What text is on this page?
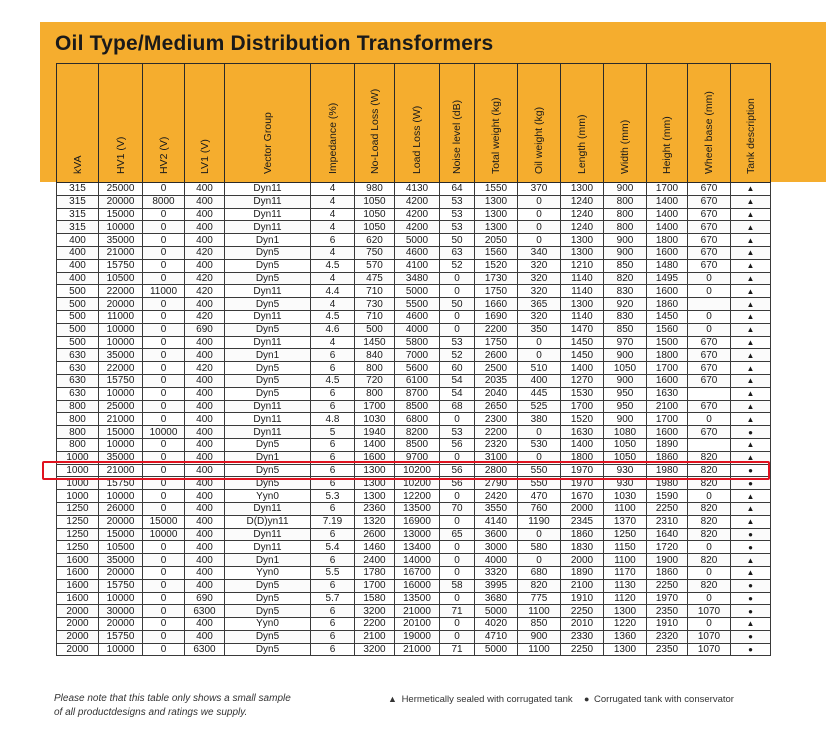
Oil Type/Medium Distribution Transformers
kVA	HV1 (V)	HV2 (V)	LV1 (V)	Vector Group	Impedance (%)	No-Load Loss (W)	Load Loss (W)	Noise level (dB)	Total weight (kg)	Oil weight (kg)	Length (mm)	Width (mm)	Height (mm)	Wheel base (mm)	Tank description

315	25000	0	400	Dyn11	4	980	4130	64	1550	370	1300	900	1700	670	▲
315	20000	8000	400	Dyn11	4	1050	4200	53	1300	0	1240	800	1400	670	▲
315	15000	0	400	Dyn11	4	1050	4200	53	1300	0	1240	800	1400	670	▲
315	10000	0	400	Dyn11	4	1050	4200	53	1300	0	1240	800	1400	670	▲
400	35000	0	400	Dyn1	6	620	5000	50	2050	0	1300	900	1800	670	▲
400	21000	0	420	Dyn5	4	750	4600	63	1560	340	1300	900	1600	670	▲
400	15750	0	400	Dyn5	4.5	570	4100	52	1520	320	1210	850	1480	670	▲
400	10500	0	420	Dyn5	4	475	3480	0	1730	320	1140	820	1495	0	▲
500	22000	11000	420	Dyn11	4.4	710	5000	0	1750	320	1140	830	1600	0	▲
500	20000	0	400	Dyn5	4	730	5500	50	1660	365	1300	920	1860		▲
500	11000	0	420	Dyn11	4.5	710	4600	0	1690	320	1140	830	1450	0	▲
500	10000	0	690	Dyn5	4.6	500	4000	0	2200	350	1470	850	1560	0	▲
500	10000	0	400	Dyn11	4	1450	5800	53	1750	0	1450	970	1500	670	▲
630	35000	0	400	Dyn1	6	840	7000	52	2600	0	1450	900	1800	670	▲
630	22000	0	420	Dyn5	6	800	5600	60	2500	510	1400	1050	1700	670	▲
630	15750	0	400	Dyn5	4.5	720	6100	54	2035	400	1270	900	1600	670	▲
630	10000	0	400	Dyn5	6	800	8700	54	2040	445	1530	950	1630		▲
800	25000	0	400	Dyn11	6	1700	8500	68	2650	525	1700	950	2100	670	▲
800	21000	0	400	Dyn11	4.8	1030	6800	0	2300	380	1520	900	1700	0	▲
800	15000	10000	400	Dyn11	5	1940	8200	53	2200	0	1630	1080	1600	670	●
800	10000	0	400	Dyn5	6	1400	8500	56	2320	530	1400	1050	1890		▲
1000	35000	0	400	Dyn1	6	1600	9700	0	3100	0	1800	1050	1860	820	▲
1000	21000	0	400	Dyn5	6	1300	10200	56	2800	550	1970	930	1980	820	●
1000	15750	0	400	Dyn5	6	1300	10200	56	2790	550	1970	930	1980	820	●
1000	10000	0	400	Yyn0	5.3	1300	12200	0	2420	470	1670	1030	1590	0	▲
1250	26000	0	400	Dyn11	6	2360	13500	70	3550	760	2000	1100	2250	820	▲
1250	20000	15000	400	D(D)yn11	7.19	1320	16900	0	4140	1190	2345	1370	2310	820	▲
1250	15000	10000	400	Dyn11	6	2600	13000	65	3600	0	1860	1250	1640	820	●
1250	10500	0	400	Dyn11	5.4	1460	13400	0	3000	580	1830	1150	1720	0	●
1600	35000	0	400	Dyn1	6	2400	14000	0	4000	0	2000	1100	1900	820	▲
1600	20000	0	400	Yyn0	5.5	1780	16700	0	3320	680	1890	1170	1860	0	▲
1600	15750	0	400	Dyn5	6	1700	16000	58	3995	820	2100	1130	2250	820	●
1600	10000	0	690	Dyn5	5.7	1580	13500	0	3680	775	1910	1120	1970	0	●
2000	30000	0	6300	Dyn5	6	3200	21000	71	5000	1100	2250	1300	2350	1070	●
2000	20000	0	400	Yyn0	6	2200	20100	0	4020	850	2010	1220	1910	0	▲
2000	15750	0	400	Dyn5	6	2100	19000	0	4710	900	2330	1360	2320	1070	●
2000	10000	0	6300	Dyn5	6	3200	21000	71	5000	1100	2250	1300	2350	1070	●
Please note that this table only shows a small sample
of all productdesigns and ratings we supply.
▲ Hermetically sealed with corrugated tank ● Corrugated tank with conservator
